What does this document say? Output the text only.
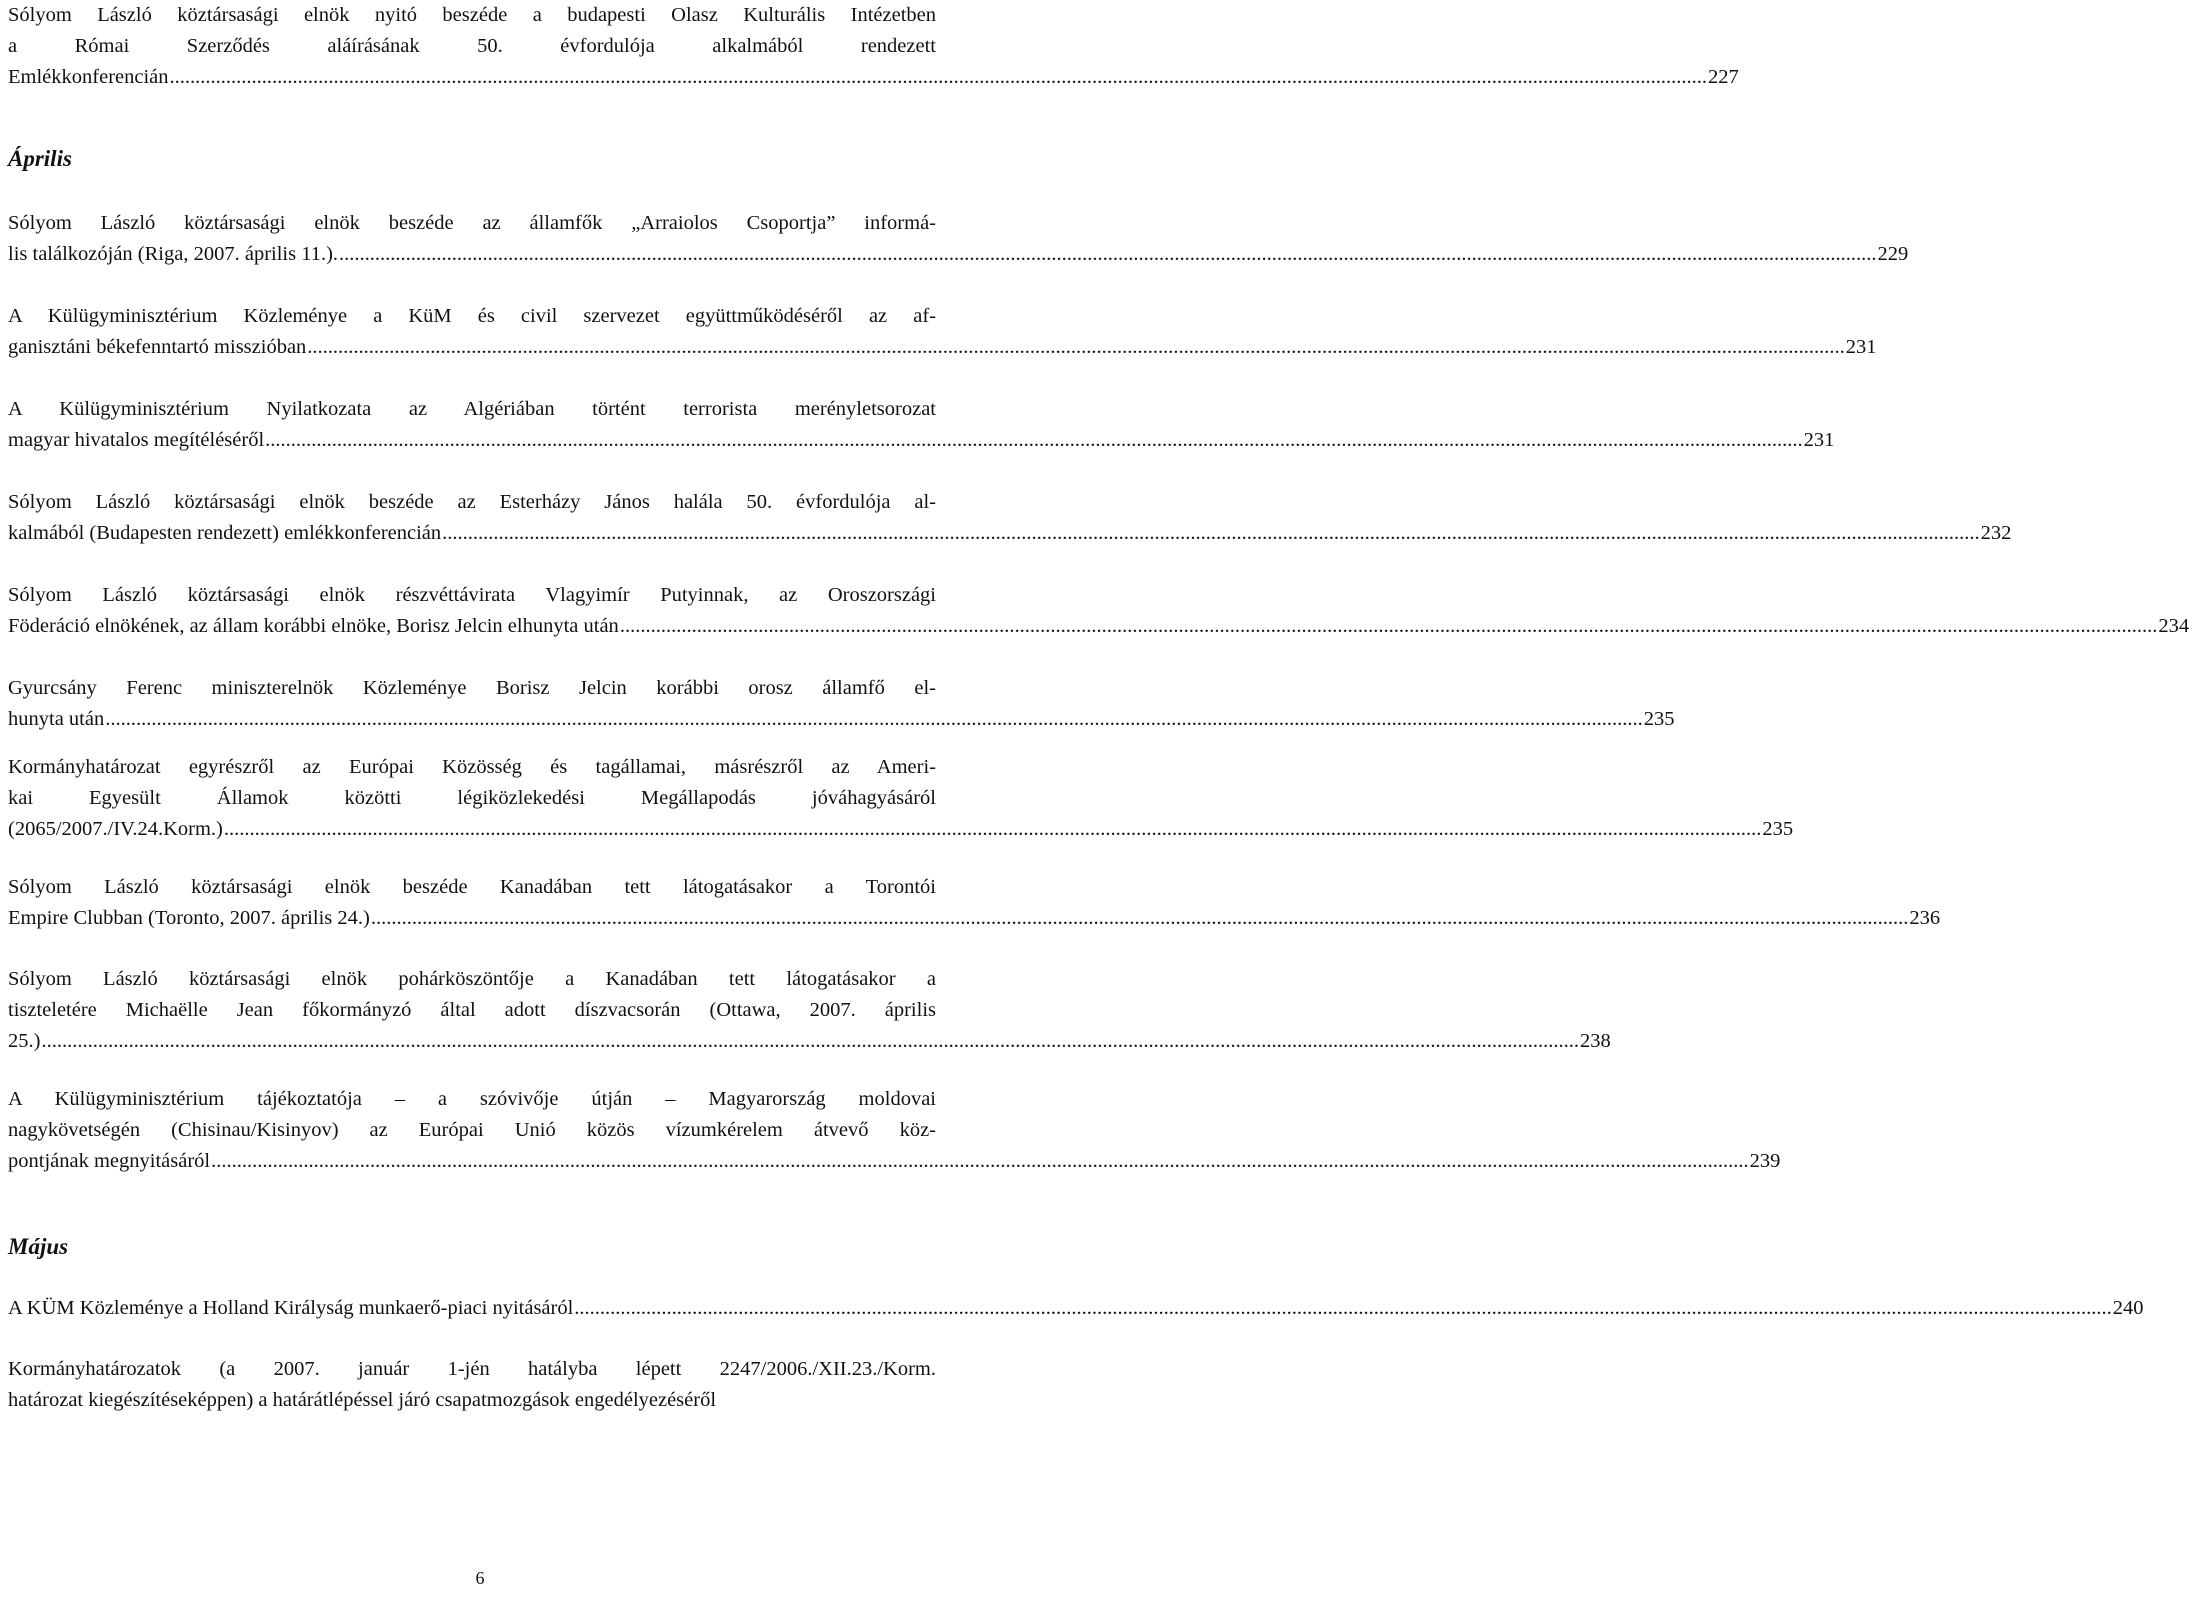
Sólyom László köztársasági elnök nyitó beszéde a budapesti Olasz Kulturális Intézetben
a Római Szerződés aláírásának 50. évfordulója alkalmából rendezett
Emlékkonferencián ............................................................................................................................................................................................................................................................................................................ 227
Sólyom László köztársasági elnök beszéde az államfők „Arraiolos Csoportja” informá-
lis találkozóján (Riga, 2007. április 11.). ............................................................................................................................................................................................................................................................................................................ 229
A Külügyminisztérium Közleménye a KüM és civil szervezet együttműködéséről az af-
ganisztáni békefenntartó misszióban ............................................................................................................................................................................................................................................................................................................ 231
A Külügyminisztérium Nyilatkozata az Algériában történt terrorista merényletsorozat
magyar hivatalos megítéléséről ............................................................................................................................................................................................................................................................................................................ 231
Sólyom László köztársasági elnök beszéde az Esterházy János halála 50. évfordulója al-
kalmából (Budapesten rendezett) emlékkonferencián ............................................................................................................................................................................................................................................................................................................ 232
Sólyom László köztársasági elnök részvéttávirata Vlagyimír Putyinnak, az Oroszországi
Föderáció elnökének, az állam korábbi elnöke, Borisz Jelcin elhunyta után ............................................................................................................................................................................................................................................................................................................ 234
Gyurcsány Ferenc miniszterelnök Közleménye Borisz Jelcin korábbi orosz államfő el-
hunyta után ............................................................................................................................................................................................................................................................................................................ 235
Kormányhatározat egyrészről az Európai Közösség és tagállamai, másrészről az Ameri-
kai Egyesült Államok közötti légiközlekedési Megállapodás jóváhagyásáról
(2065/2007./IV.24.Korm.) ............................................................................................................................................................................................................................................................................................................ 235
Sólyom László köztársasági elnök beszéde Kanadában tett látogatásakor a Torontói
Empire Clubban (Toronto, 2007. április 24.) ............................................................................................................................................................................................................................................................................................................ 236
Sólyom László köztársasági elnök pohárköszöntője a Kanadában tett látogatásakor a
tiszteletére Michaëlle Jean főkormányzó által adott díszvacsorán (Ottawa, 2007. április
25.) ............................................................................................................................................................................................................................................................................................................ 238
A Külügyminisztérium tájékoztatója – a szóvivője útján – Magyarország moldovai
nagykövetségén (Chisinau/Kisinyov) az Európai Unió közös vízumkérelem átvevő köz-
pontjának megnyitásáról ............................................................................................................................................................................................................................................................................................................ 239
A KÜM Közleménye a Holland Királyság munkaerő-piaci nyitásáról ............................................................................................................................................................................................................................................................................................................ 240
Április
Május
Kormányhatározatok (a 2007. január 1-jén hatályba lépett 2247/2006./XII.23./Korm.
határozat kiegészítéseképpen) a határátlépéssel járó csapatmozgások engedélyezéséről
6
